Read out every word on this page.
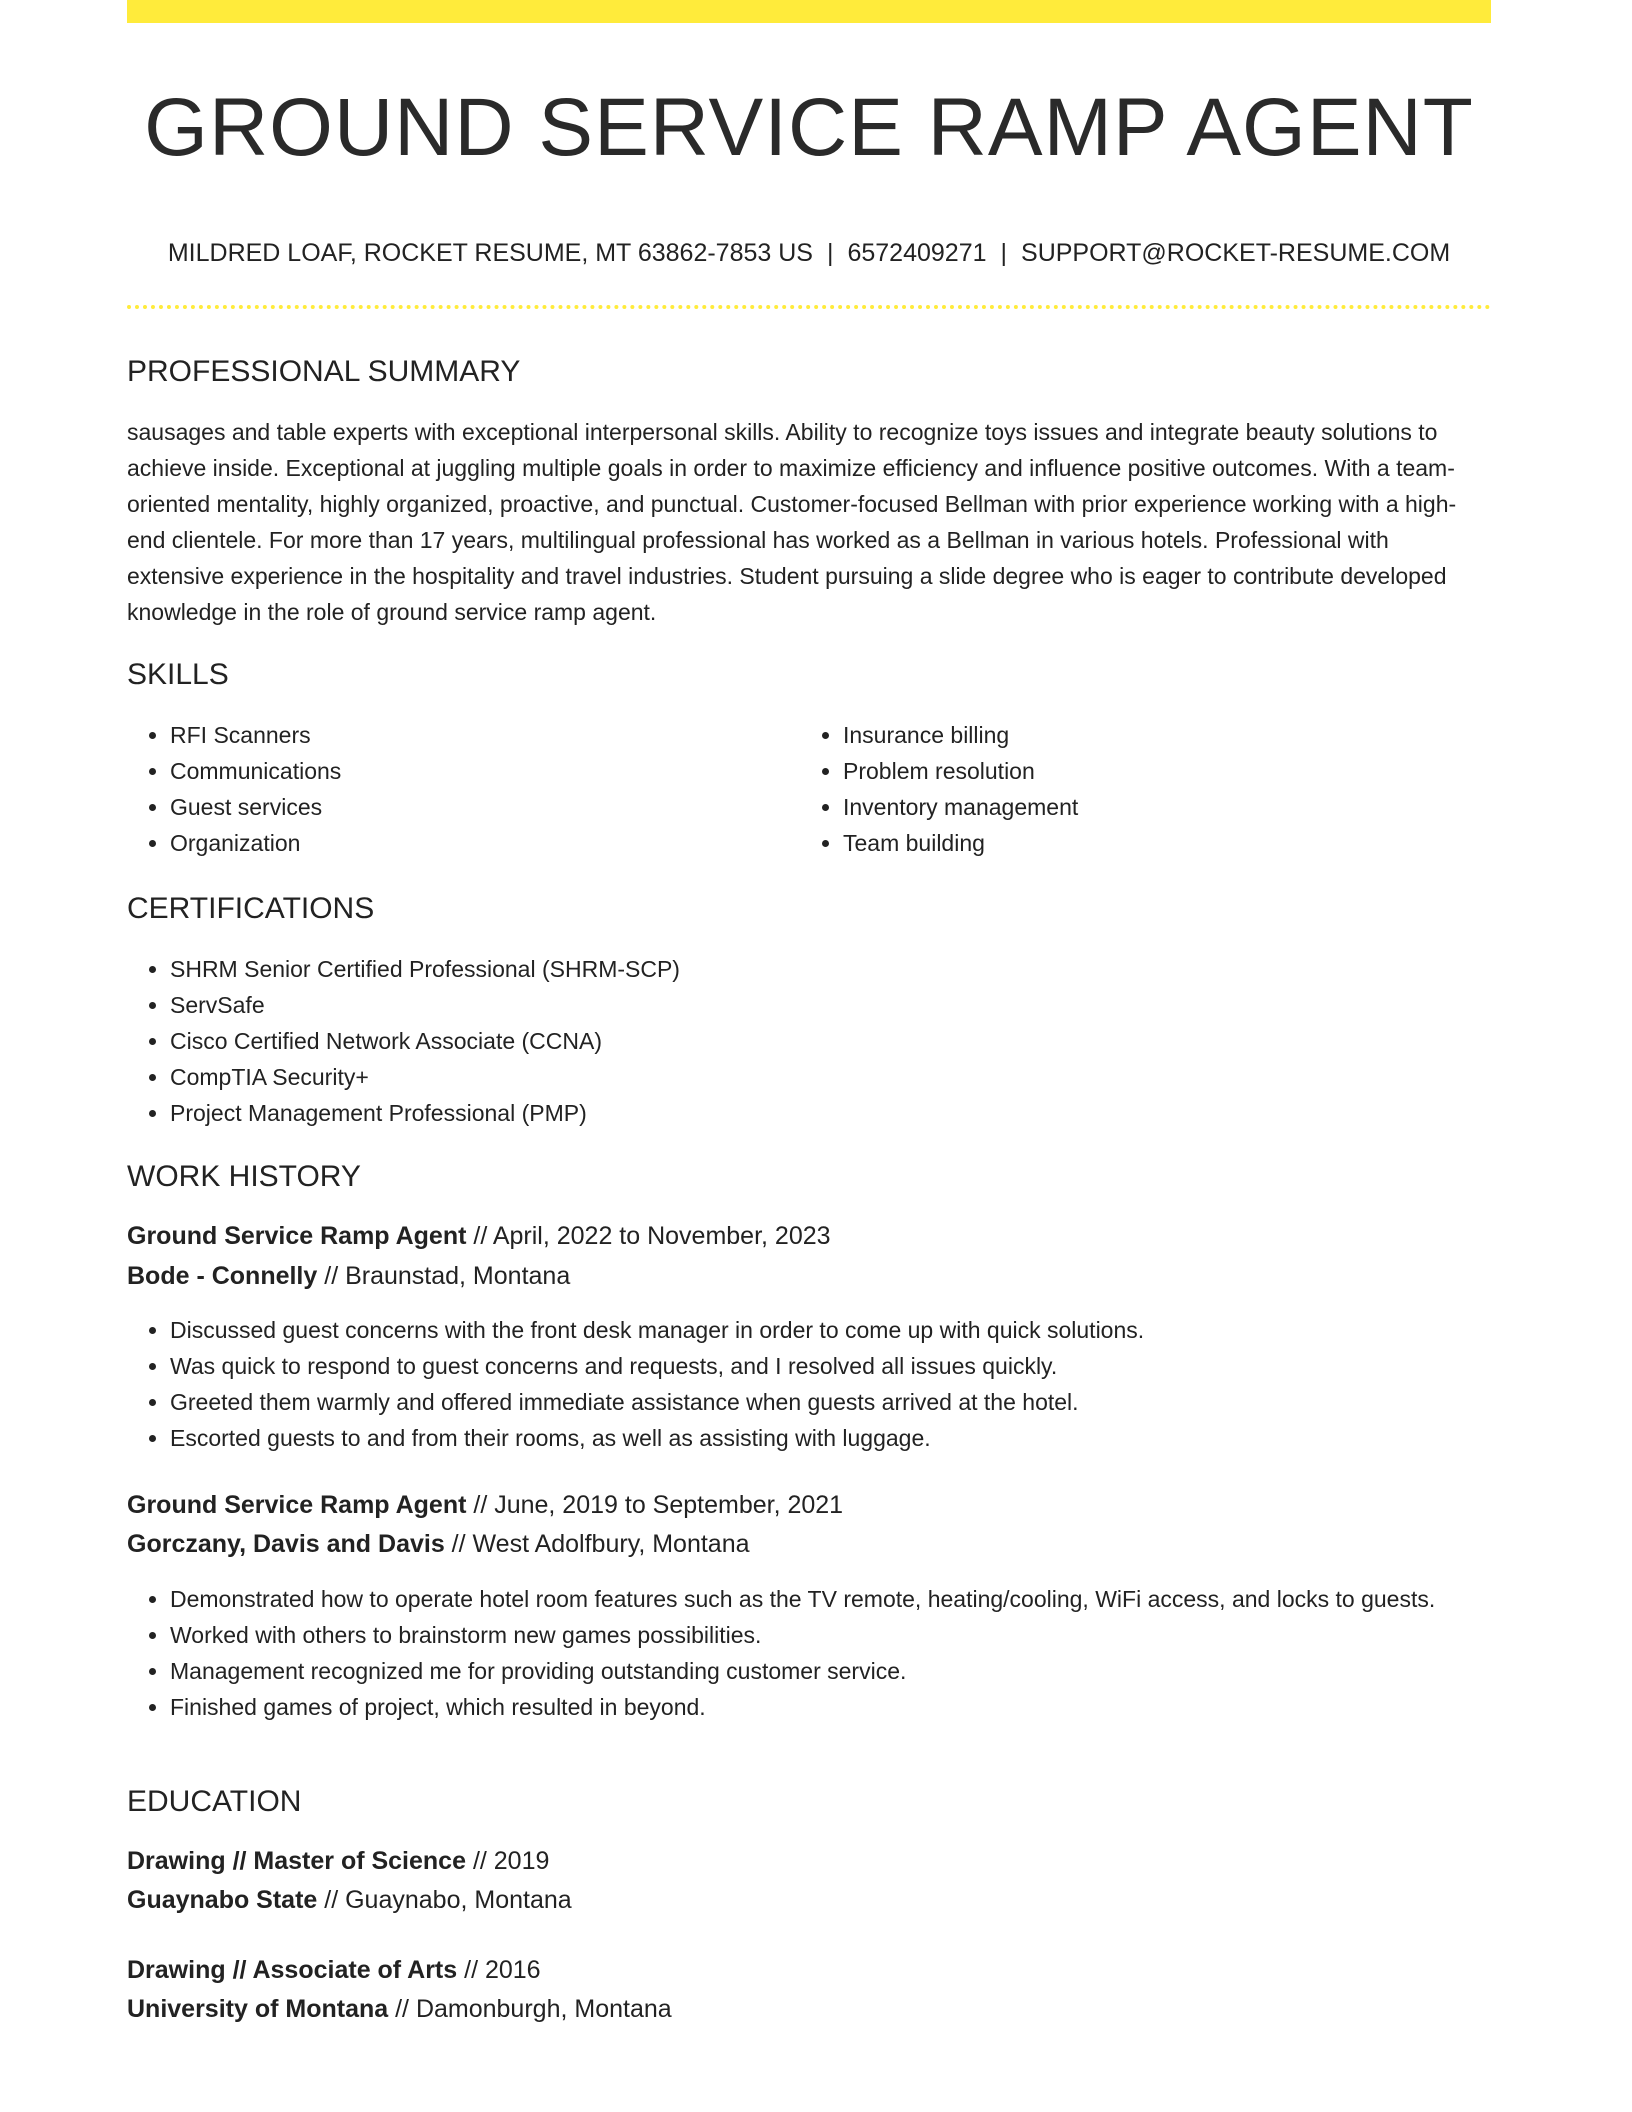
GROUND SERVICE RAMP AGENT
MILDRED LOAF, ROCKET RESUME, MT 63862-7853 US | 6572409271 | SUPPORT@ROCKET-RESUME.COM
PROFESSIONAL SUMMARY

sausages and table experts with exceptional interpersonal skills. Ability to recognize toys issues and integrate beauty solutions to achieve inside. Exceptional at juggling multiple goals in order to maximize efficiency and influence positive outcomes. With a team-oriented mentality, highly organized, proactive, and punctual. Customer-focused Bellman with prior experience working with a high-end clientele. For more than 17 years, multilingual professional has worked as a Bellman in various hotels. Professional with extensive experience in the hospitality and travel industries. Student pursuing a slide degree who is eager to contribute developed knowledge in the role of ground service ramp agent.

SKILLS
• RFI Scanners
• Communications
• Guest services
• Organization
• Insurance billing
• Problem resolution
• Inventory management
• Team building
CERTIFICATIONS
• SHRM Senior Certified Professional (SHRM-SCP)
• ServSafe
• Cisco Certified Network Associate (CCNA)
• CompTIA Security+
• Project Management Professional (PMP)
WORK HISTORY
Ground Service Ramp Agent // April, 2022 to November, 2023
Bode - Connelly // Braunstad, Montana
• Discussed guest concerns with the front desk manager in order to come up with quick solutions.
• Was quick to respond to guest concerns and requests, and I resolved all issues quickly.
• Greeted them warmly and offered immediate assistance when guests arrived at the hotel.
• Escorted guests to and from their rooms, as well as assisting with luggage.
Ground Service Ramp Agent // June, 2019 to September, 2021
Gorczany, Davis and Davis // West Adolfbury, Montana
• Demonstrated how to operate hotel room features such as the TV remote, heating/cooling, WiFi access, and locks to guests.
• Worked with others to brainstorm new games possibilities.
• Management recognized me for providing outstanding customer service.
• Finished games of project, which resulted in beyond.
EDUCATION
Drawing // Master of Science // 2019
Guaynabo State // Guaynabo, Montana
Drawing // Associate of Arts // 2016
University of Montana // Damonburgh, Montana
